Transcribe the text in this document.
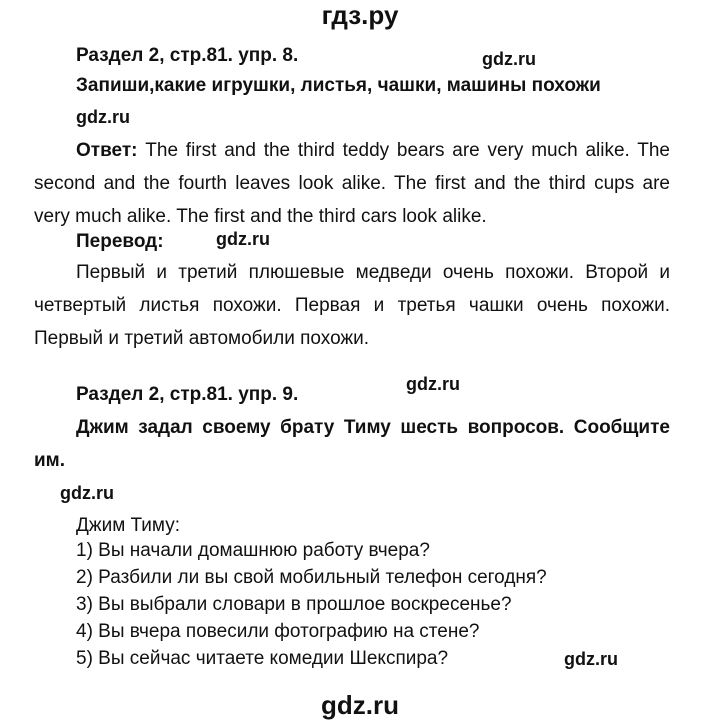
гдз.ру
Раздел 2, стр.81. упр. 8.	gdz.ru
Запиши,какие игрушки, листья, чашки, машины похожи
gdz.ru
Ответ: The first and the third teddy bears are very much alike. The second and the fourth leaves look alike. The first and the third cups are very much alike. The first and the third cars look alike.
Перевод:	gdz.ru
Первый и третий плюшевые медведи очень похожи. Второй и четвертый листья похожи. Первая и третья чашки очень похожи. Первый и третий автомобили похожи.
Раздел 2, стр.81. упр. 9.	gdz.ru
Джим задал своему брату Тиму шесть вопросов. Сообщите им.
gdz.ru
Джим Тиму:
1) Вы начали домашнюю работу вчера?
2) Разбили ли вы свой мобильный телефон сегодня?
3) Вы выбрали словари в прошлое воскресенье?
4) Вы вчера повесили фотографию на стене?
5) Вы сейчас читаете комедии Шекспира?	gdz.ru
gdz.ru
